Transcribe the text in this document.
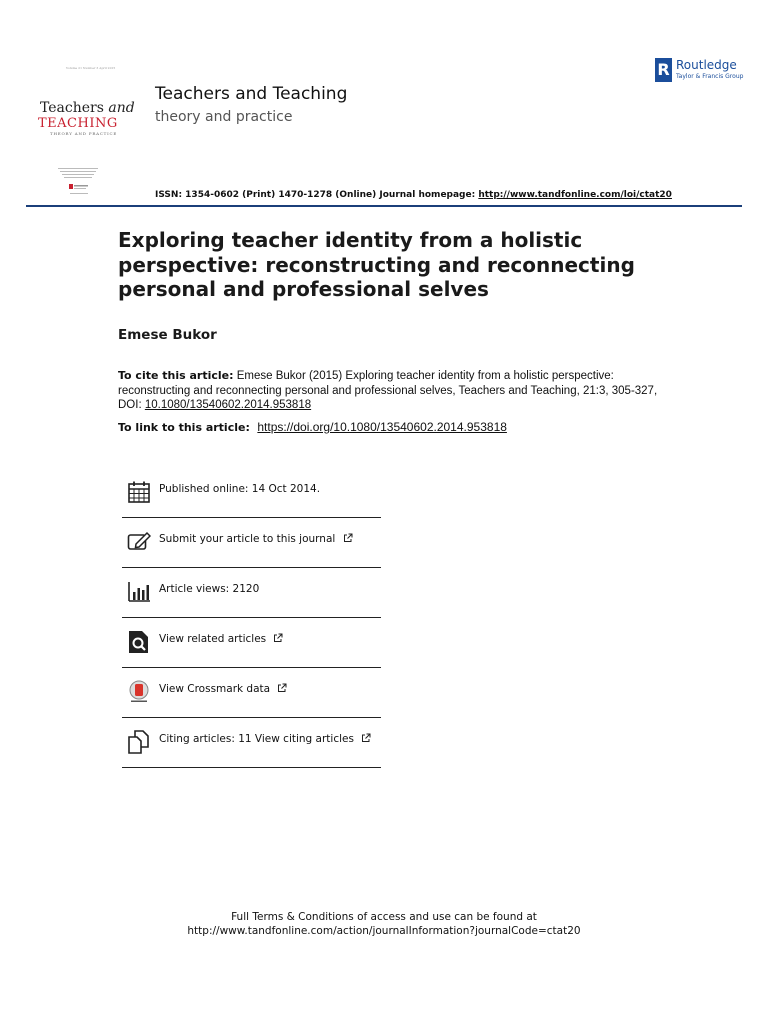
Volume 21 Number 3 April 2015
Teachers and
TEACHING
THEORY AND PRACTICE
Teachers and Teaching
theory and practice
R Routledge
Taylor & Francis Group
ISSN: 1354-0602 (Print) 1470-1278 (Online) Journal homepage: http://www.tandfonline.com/loi/ctat20
Exploring teacher identity from a holistic perspective: reconstructing and reconnecting personal and professional selves
Emese Bukor
To cite this article: Emese Bukor (2015) Exploring teacher identity from a holistic perspective: reconstructing and reconnecting personal and professional selves, Teachers and Teaching, 21:3, 305-327, DOI: 10.1080/13540602.2014.953818
To link to this article: https://doi.org/10.1080/13540602.2014.953818
Published online: 14 Oct 2014.
Submit your article to this journal
Article views: 2120
View related articles
View Crossmark data
Citing articles: 11 View citing articles
Full Terms & Conditions of access and use can be found at
http://www.tandfonline.com/action/journalInformation?journalCode=ctat20
